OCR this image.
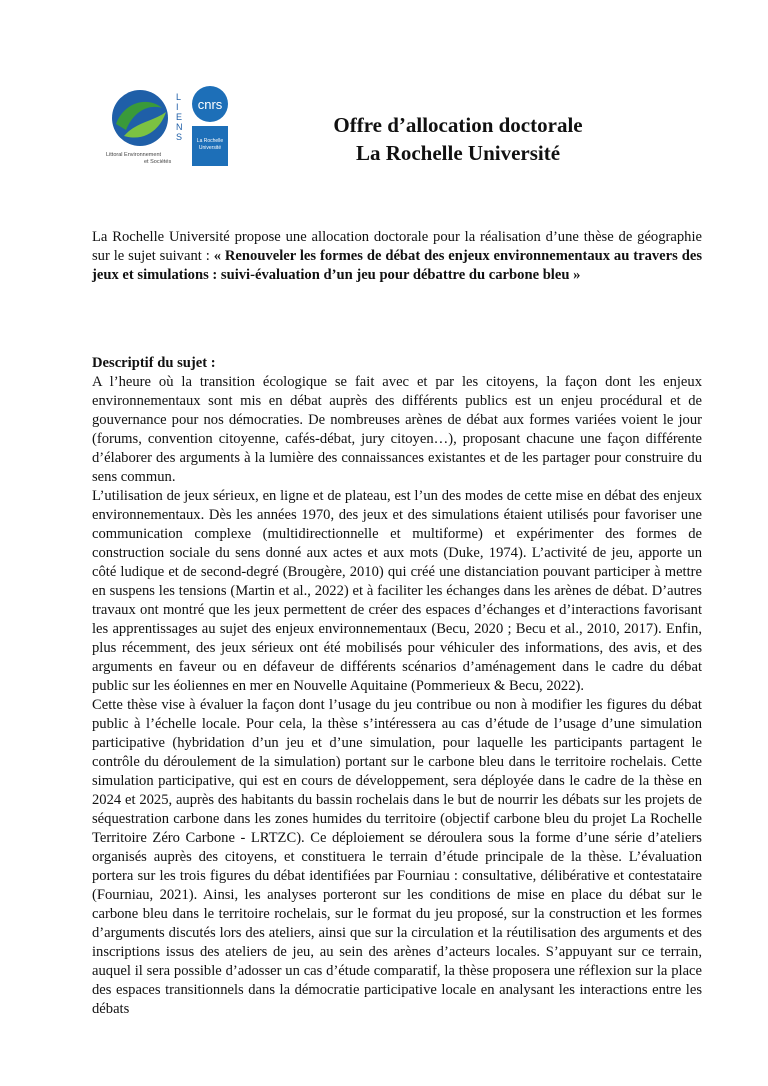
L
I
E
N
S
Littoral Environnement
et Sociétés
cnrs
La Rochelle
Université
Offre d’allocation doctorale
La Rochelle Université
La Rochelle Université propose une allocation doctorale pour la réalisation d’une thèse de géographie sur le sujet suivant : « Renouveler les formes de débat des enjeux environnementaux au travers des jeux et simulations : suivi-évaluation d’un jeu pour débattre du carbone bleu »
Descriptif du sujet :

A l’heure où la transition écologique se fait avec et par les citoyens, la façon dont les enjeux environnementaux sont mis en débat auprès des différents publics est un enjeu procédural et de gouvernance pour nos démocraties. De nombreuses arènes de débat aux formes variées voient le jour (forums, convention citoyenne, cafés-débat, jury citoyen…), proposant chacune une façon différente d’élaborer des arguments à la lumière des connaissances existantes et de les partager pour construire du sens commun.

L’utilisation de jeux sérieux, en ligne et de plateau, est l’un des modes de cette mise en débat des enjeux environnementaux. Dès les années 1970, des jeux et des simulations étaient utilisés pour favoriser une communication complexe (multidirectionnelle et multiforme) et expérimenter des formes de construction sociale du sens donné aux actes et aux mots (Duke, 1974). L’activité de jeu, apporte un côté ludique et de second-degré (Brougère, 2010) qui créé une distanciation pouvant participer à mettre en suspens les tensions (Martin et al., 2022) et à faciliter les échanges dans les arènes de débat. D’autres travaux ont montré que les jeux permettent de créer des espaces d’échanges et d’interactions favorisant les apprentissages au sujet des enjeux environnementaux (Becu, 2020 ; Becu et al., 2010, 2017). Enfin, plus récemment, des jeux sérieux ont été mobilisés pour véhiculer des informations, des avis, et des arguments en faveur ou en défaveur de différents scénarios d’aménagement dans le cadre du débat public sur les éoliennes en mer en Nouvelle Aquitaine (Pommerieux & Becu, 2022).

Cette thèse vise à évaluer la façon dont l’usage du jeu contribue ou non à modifier les figures du débat public à l’échelle locale. Pour cela, la thèse s’intéressera au cas d’étude de l’usage d’une simulation participative (hybridation d’un jeu et d’une simulation, pour laquelle les participants partagent le contrôle du déroulement de la simulation) portant sur le carbone bleu dans le territoire rochelais. Cette simulation participative, qui est en cours de développement, sera déployée dans le cadre de la thèse en 2024 et 2025, auprès des habitants du bassin rochelais dans le but de nourrir les débats sur les projets de séquestration carbone dans les zones humides du territoire (objectif carbone bleu du projet La Rochelle Territoire Zéro Carbone - LRTZC). Ce déploiement se déroulera sous la forme d’une série d’ateliers organisés auprès des citoyens, et constituera le terrain d’étude principale de la thèse. L’évaluation portera sur les trois figures du débat identifiées par Fourniau : consultative, délibérative et contestataire (Fourniau, 2021). Ainsi, les analyses porteront sur les conditions de mise en place du débat sur le carbone bleu dans le territoire rochelais, sur le format du jeu proposé, sur la construction et les formes d’arguments discutés lors des ateliers, ainsi que sur la circulation et la réutilisation des arguments et des inscriptions issus des ateliers de jeu, au sein des arènes d’acteurs locales. S’appuyant sur ce terrain, auquel il sera possible d’adosser un cas d’étude comparatif, la thèse proposera une réflexion sur la place des espaces transitionnels dans la démocratie participative locale en analysant les interactions entre les débats
